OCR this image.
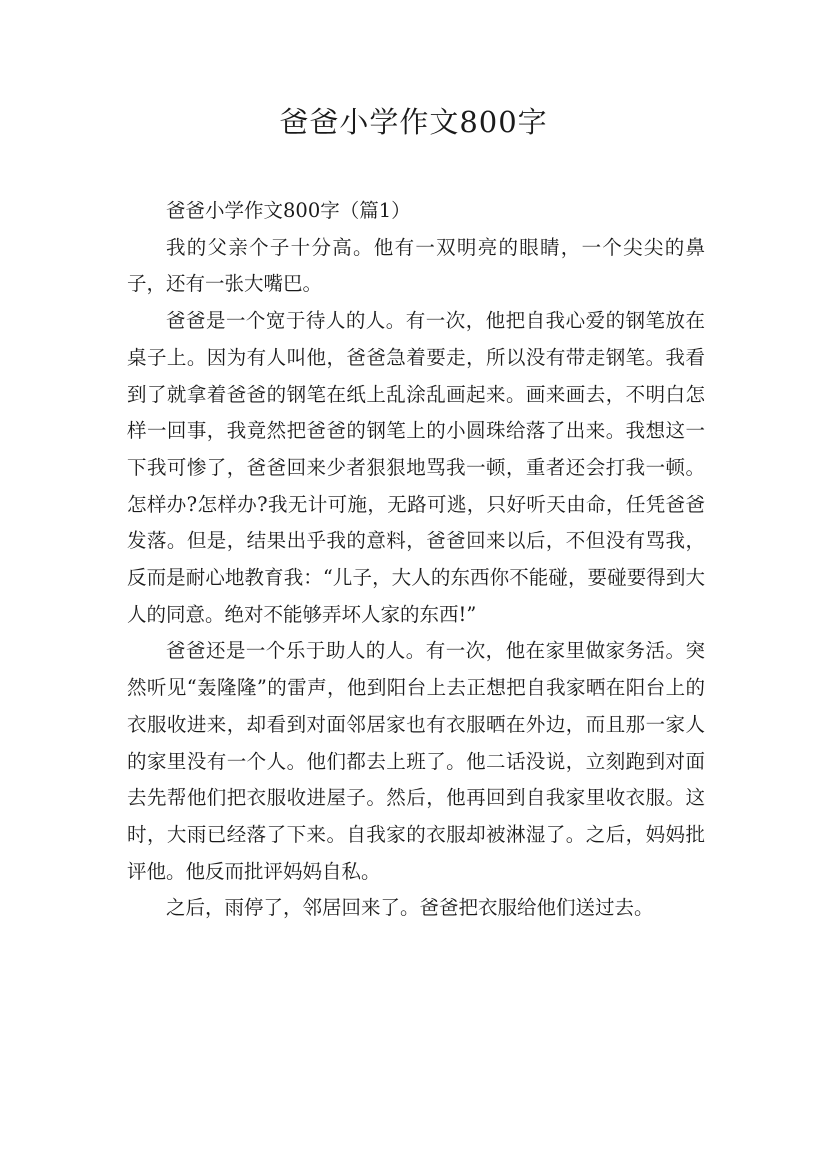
爸爸小学作文800字

爸爸小学作文800字（篇1）

我的父亲个子十分高。他有一双明亮的眼睛，一个尖尖的鼻子，还有一张大嘴巴。

爸爸是一个宽于待人的人。有一次，他把自我心爱的钢笔放在桌子上。因为有人叫他，爸爸急着要走，所以没有带走钢笔。我看到了就拿着爸爸的钢笔在纸上乱涂乱画起来。画来画去，不明白怎样一回事，我竟然把爸爸的钢笔上的小圆珠给落了出来。我想这一下我可惨了，爸爸回来少者狠狠地骂我一顿，重者还会打我一顿。怎样办?怎样办?我无计可施，无路可逃，只好听天由命，任凭爸爸发落。但是，结果出乎我的意料，爸爸回来以后，不但没有骂我，反而是耐心地教育我：“儿子，大人的东西你不能碰，要碰要得到大人的同意。绝对不能够弄坏人家的东西!”

爸爸还是一个乐于助人的人。有一次，他在家里做家务活。突然听见“轰隆隆”的雷声，他到阳台上去正想把自我家晒在阳台上的衣服收进来，却看到对面邻居家也有衣服晒在外边，而且那一家人的家里没有一个人。他们都去上班了。他二话没说，立刻跑到对面去先帮他们把衣服收进屋子。然后，他再回到自我家里收衣服。这时，大雨已经落了下来。自我家的衣服却被淋湿了。之后，妈妈批评他。他反而批评妈妈自私。

之后，雨停了，邻居回来了。爸爸把衣服给他们送过去。
